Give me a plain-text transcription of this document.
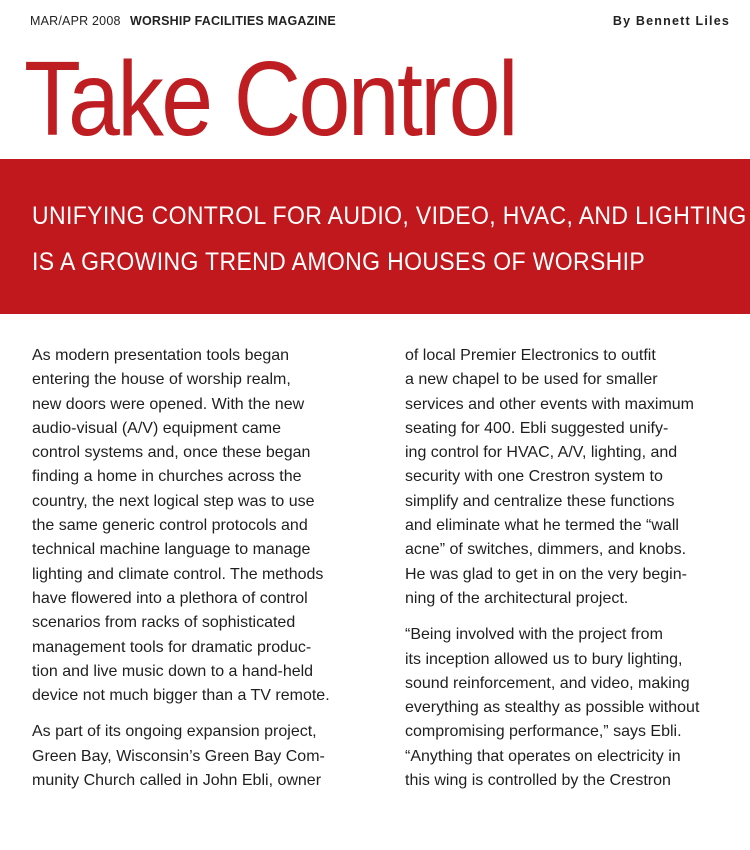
MAR/APR 2008 WORSHIP FACILITIES MAGAZINE	By Bennett Liles
Take Control
UNIFYING CONTROL FOR AUDIO, VIDEO, HVAC, AND LIGHTING
IS A GROWING TREND AMONG HOUSES OF WORSHIP

As modern presentation tools began
entering the house of worship realm,
new doors were opened. With the new
audio-visual (A/V) equipment came
control systems and, once these began
finding a home in churches across the
country, the next logical step was to use
the same generic control protocols and
technical machine language to manage
lighting and climate control. The methods
have flowered into a plethora of control
scenarios from racks of sophisticated
management tools for dramatic produc-
tion and live music down to a hand-held
device not much bigger than a TV remote.

As part of its ongoing expansion project,
Green Bay, Wisconsin’s Green Bay Com-
munity Church called in John Ebli, owner

of local Premier Electronics to outfit
a new chapel to be used for smaller
services and other events with maximum
seating for 400. Ebli suggested unify-
ing control for HVAC, A/V, lighting, and
security with one Crestron system to
simplify and centralize these functions
and eliminate what he termed the “wall
acne” of switches, dimmers, and knobs.
He was glad to get in on the very begin-
ning of the architectural project.

“Being involved with the project from
its inception allowed us to bury lighting,
sound reinforcement, and video, making
everything as stealthy as possible without
compromising performance,” says Ebli.
“Anything that operates on electricity in
this wing is controlled by the Crestron
